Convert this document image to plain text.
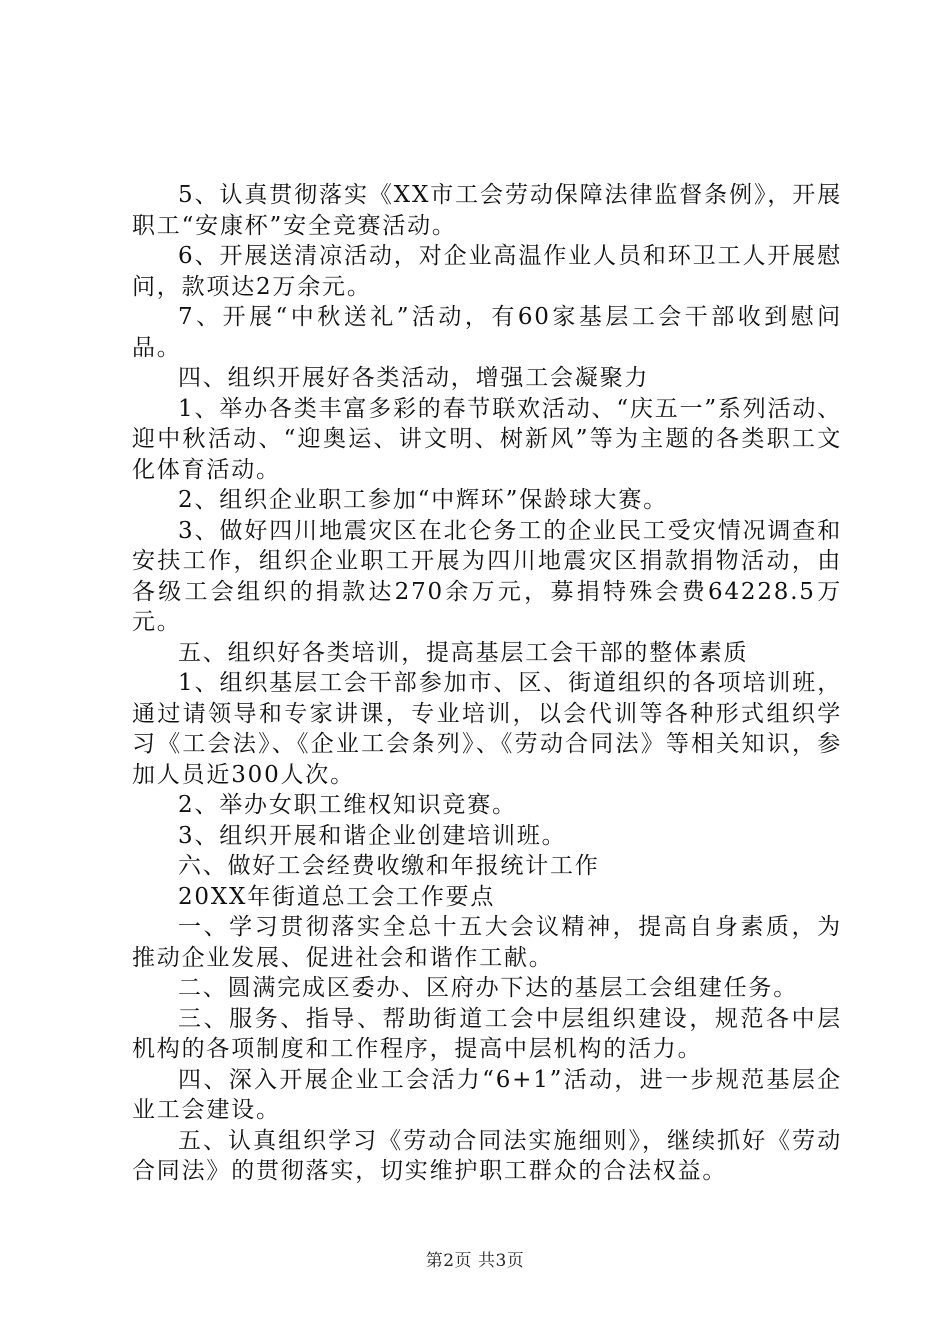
5、认真贯彻落实《XX市工会劳动保障法律监督条例》，开展职工“安康杯”安全竞赛活动。

6、开展送清凉活动，对企业高温作业人员和环卫工人开展慰问，款项达2万余元。

7、开展“中秋送礼”活动，有60家基层工会干部收到慰问品。

四、组织开展好各类活动，增强工会凝聚力

1、举办各类丰富多彩的春节联欢活动、“庆五一”系列活动、迎中秋活动、“迎奥运、讲文明、树新风”等为主题的各类职工文化体育活动。

2、组织企业职工参加“中辉环”保龄球大赛。

3、做好四川地震灾区在北仑务工的企业民工受灾情况调查和安扶工作，组织企业职工开展为四川地震灾区捐款捐物活动，由各级工会组织的捐款达270余万元，募捐特殊会费64228.5万元。

五、组织好各类培训，提高基层工会干部的整体素质

1、组织基层工会干部参加市、区、街道组织的各项培训班，通过请领导和专家讲课，专业培训，以会代训等各种形式组织学习《工会法》、《企业工会条列》、《劳动合同法》等相关知识，参加人员近300人次。

2、举办女职工维权知识竞赛。

3、组织开展和谐企业创建培训班。

六、做好工会经费收缴和年报统计工作

20XX年街道总工会工作要点

一、学习贯彻落实全总十五大会议精神，提高自身素质，为推动企业发展、促进社会和谐作工献。

二、圆满完成区委办、区府办下达的基层工会组建任务。

三、服务、指导、帮助街道工会中层组织建设，规范各中层机构的各项制度和工作程序，提高中层机构的活力。

四、深入开展企业工会活力“6+1”活动，进一步规范基层企业工会建设。

五、认真组织学习《劳动合同法实施细则》，继续抓好《劳动合同法》的贯彻落实，切实维护职工群众的合法权益。

第2页 共3页
